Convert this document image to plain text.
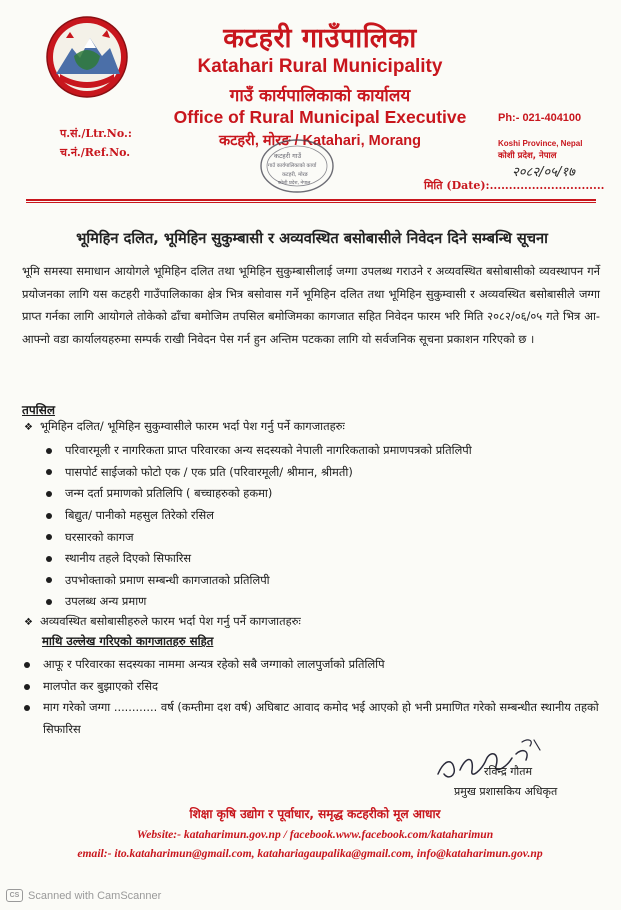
कटहरी गाउँपालिका
Katahari Rural Municipality
गाउँ कार्यपालिकाको कार्यालय
Office of Rural Municipal Executive
कटहरी, मोरङ / Katahari, Morang
प.सं./Ltr.No.:
च.नं./Ref.No.
Ph:- 021-404100
Koshi Province, Nepal
कोशी प्रदेश, नेपाल
२०८२/०५/१७
मिति (Date):..............................
कटहरी गाउँ
गाउँ कार्यपालिकाको कार्या
कटहरी, मोरङ
कोशी प्रदेश, नेपाल
भूमिहिन दलित, भूमिहिन सुकुम्बासी र अव्यवस्थित बसोबासीले निवेदन दिने सम्बन्धि सूचना

भूमि समस्या समाधान आयोगले भूमिहिन दलित तथा भूमिहिन सुकुम्बासीलाई जग्गा उपलब्ध गराउने र अव्यवस्थित बसोबासीको व्यवस्थापन गर्ने प्रयोजनका लागि यस कटहरी गाउँपालिकाका क्षेत्र भित्र बसोवास गर्ने भूमिहिन दलित तथा भूमिहिन सुकुम्वासी र अव्यवस्थित बसोबासीले जग्गा प्राप्त गर्नका लागि आयोगले तोकेको ढाँचा बमोजिम तपसिल बमोजिमका कागजात सहित निवेदन फारम भरि मिति २०८२/०६/०५ गते भित्र आ-आफ्नो वडा कार्यालयहरुमा सम्पर्क राखी निवेदन पेस गर्न हुन अन्तिम पटकका लागि यो सर्वजनिक सूचना प्रकाशन गरिएको छ ।

तपसिल
❖ भूमिहिन दलित/ भूमिहिन सुकुम्वासीले फारम भर्दा पेश गर्नु पर्ने कागजातहरुः
परिवारमूली र नागरिकता प्राप्त परिवारका अन्य सदस्यको नेपाली नागरिकताको प्रमाणपत्रको प्रतिलिपी
पासपोर्ट साईजको फोटो एक / एक प्रति (परिवारमूली/ श्रीमान, श्रीमती)
जन्म दर्ता प्रमाणको प्रतिलिपि ( बच्चाहरुको हकमा)
बिद्युत/ पानीको महसुल तिरेको रसिल
घरसारको कागज
स्थानीय तहले दिएको सिफारिस
उपभोक्ताको प्रमाण सम्बन्धी कागजातको प्रतिलिपी
उपलब्ध अन्य प्रमाण
❖ अव्यवस्थित बसोबासीहरुले फारम भर्दा पेश गर्नु पर्ने कागजातहरुः
माथि उल्लेख गरिएको कागजातहरु सहित
आफू र परिवारका सदस्यका नाममा अन्यत्र रहेको सबै जग्गाको लालपुर्जाको प्रतिलिपि
मालपोत कर बुझाएको रसिद
माग गरेको जग्गा ............ वर्ष (कम्तीमा दश वर्ष) अघिबाट आवाद कमोद भई आएको हो भनी प्रमाणित गरेको सम्बन्धीत स्थानीय तहको सिफारिस
रविन्द्र गौतम
प्रमुख प्रशासकिय अधिकृत
शिक्षा कृषि उद्योग र पूर्वाधार, समृद्ध कटहरीको मूल आधार
Website:- kataharimun.gov.np / facebook.www.facebook.com/kataharimun
email:- ito.kataharimun@gmail.com, katahariagaupalika@gmail.com, info@kataharimun.gov.np
CS Scanned with CamScanner
